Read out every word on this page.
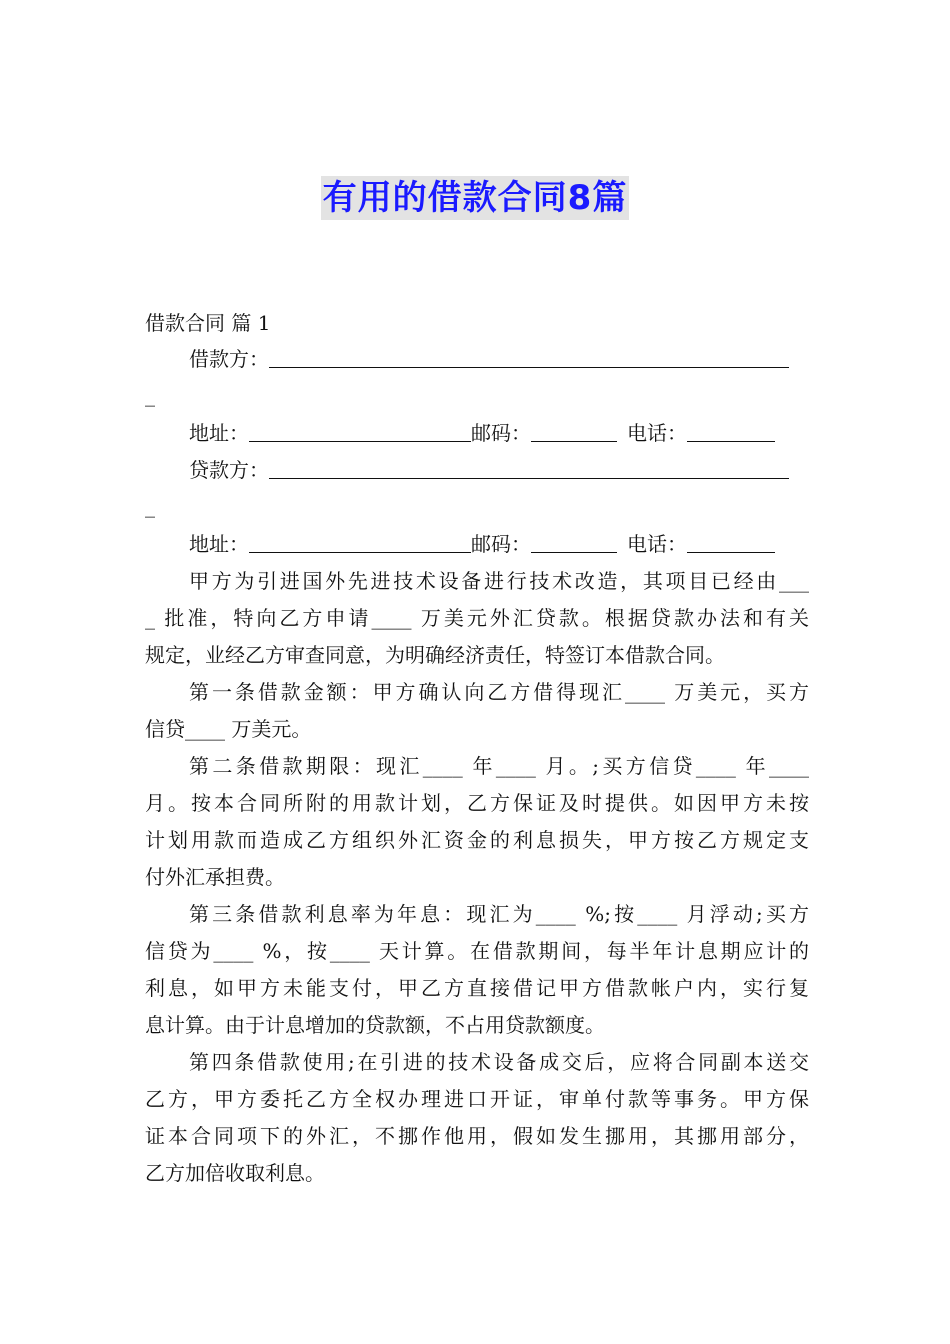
有用的借款合同8篇
借款合同 篇 1
借款方：
_
地址：	邮码：	电话：
贷款方：
_
地址：	邮码：	电话：
甲方为引进国外先进技术设备进行技术改造，其项目已经由___
_ 批准，特向乙方申请____ 万美元外汇贷款。根据贷款办法和有关
规定，业经乙方审查同意，为明确经济责任，特签订本借款合同。
第一条借款金额：甲方确认向乙方借得现汇____ 万美元，买方
信贷____ 万美元。
第二条借款期限：现汇____ 年____ 月。;买方信贷____ 年____
月。按本合同所附的用款计划，乙方保证及时提供。如因甲方未按
计划用款而造成乙方组织外汇资金的利息损失，甲方按乙方规定支
付外汇承担费。
第三条借款利息率为年息：现汇为____ %;按____ 月浮动;买方
信贷为____ %，按____ 天计算。在借款期间，每半年计息期应计的
利息，如甲方未能支付，甲乙方直接借记甲方借款帐户内，实行复
息计算。由于计息增加的贷款额，不占用贷款额度。
第四条借款使用;在引进的技术设备成交后，应将合同副本送交
乙方，甲方委托乙方全权办理进口开证，审单付款等事务。甲方保
证本合同项下的外汇，不挪作他用，假如发生挪用，其挪用部分，
乙方加倍收取利息。
